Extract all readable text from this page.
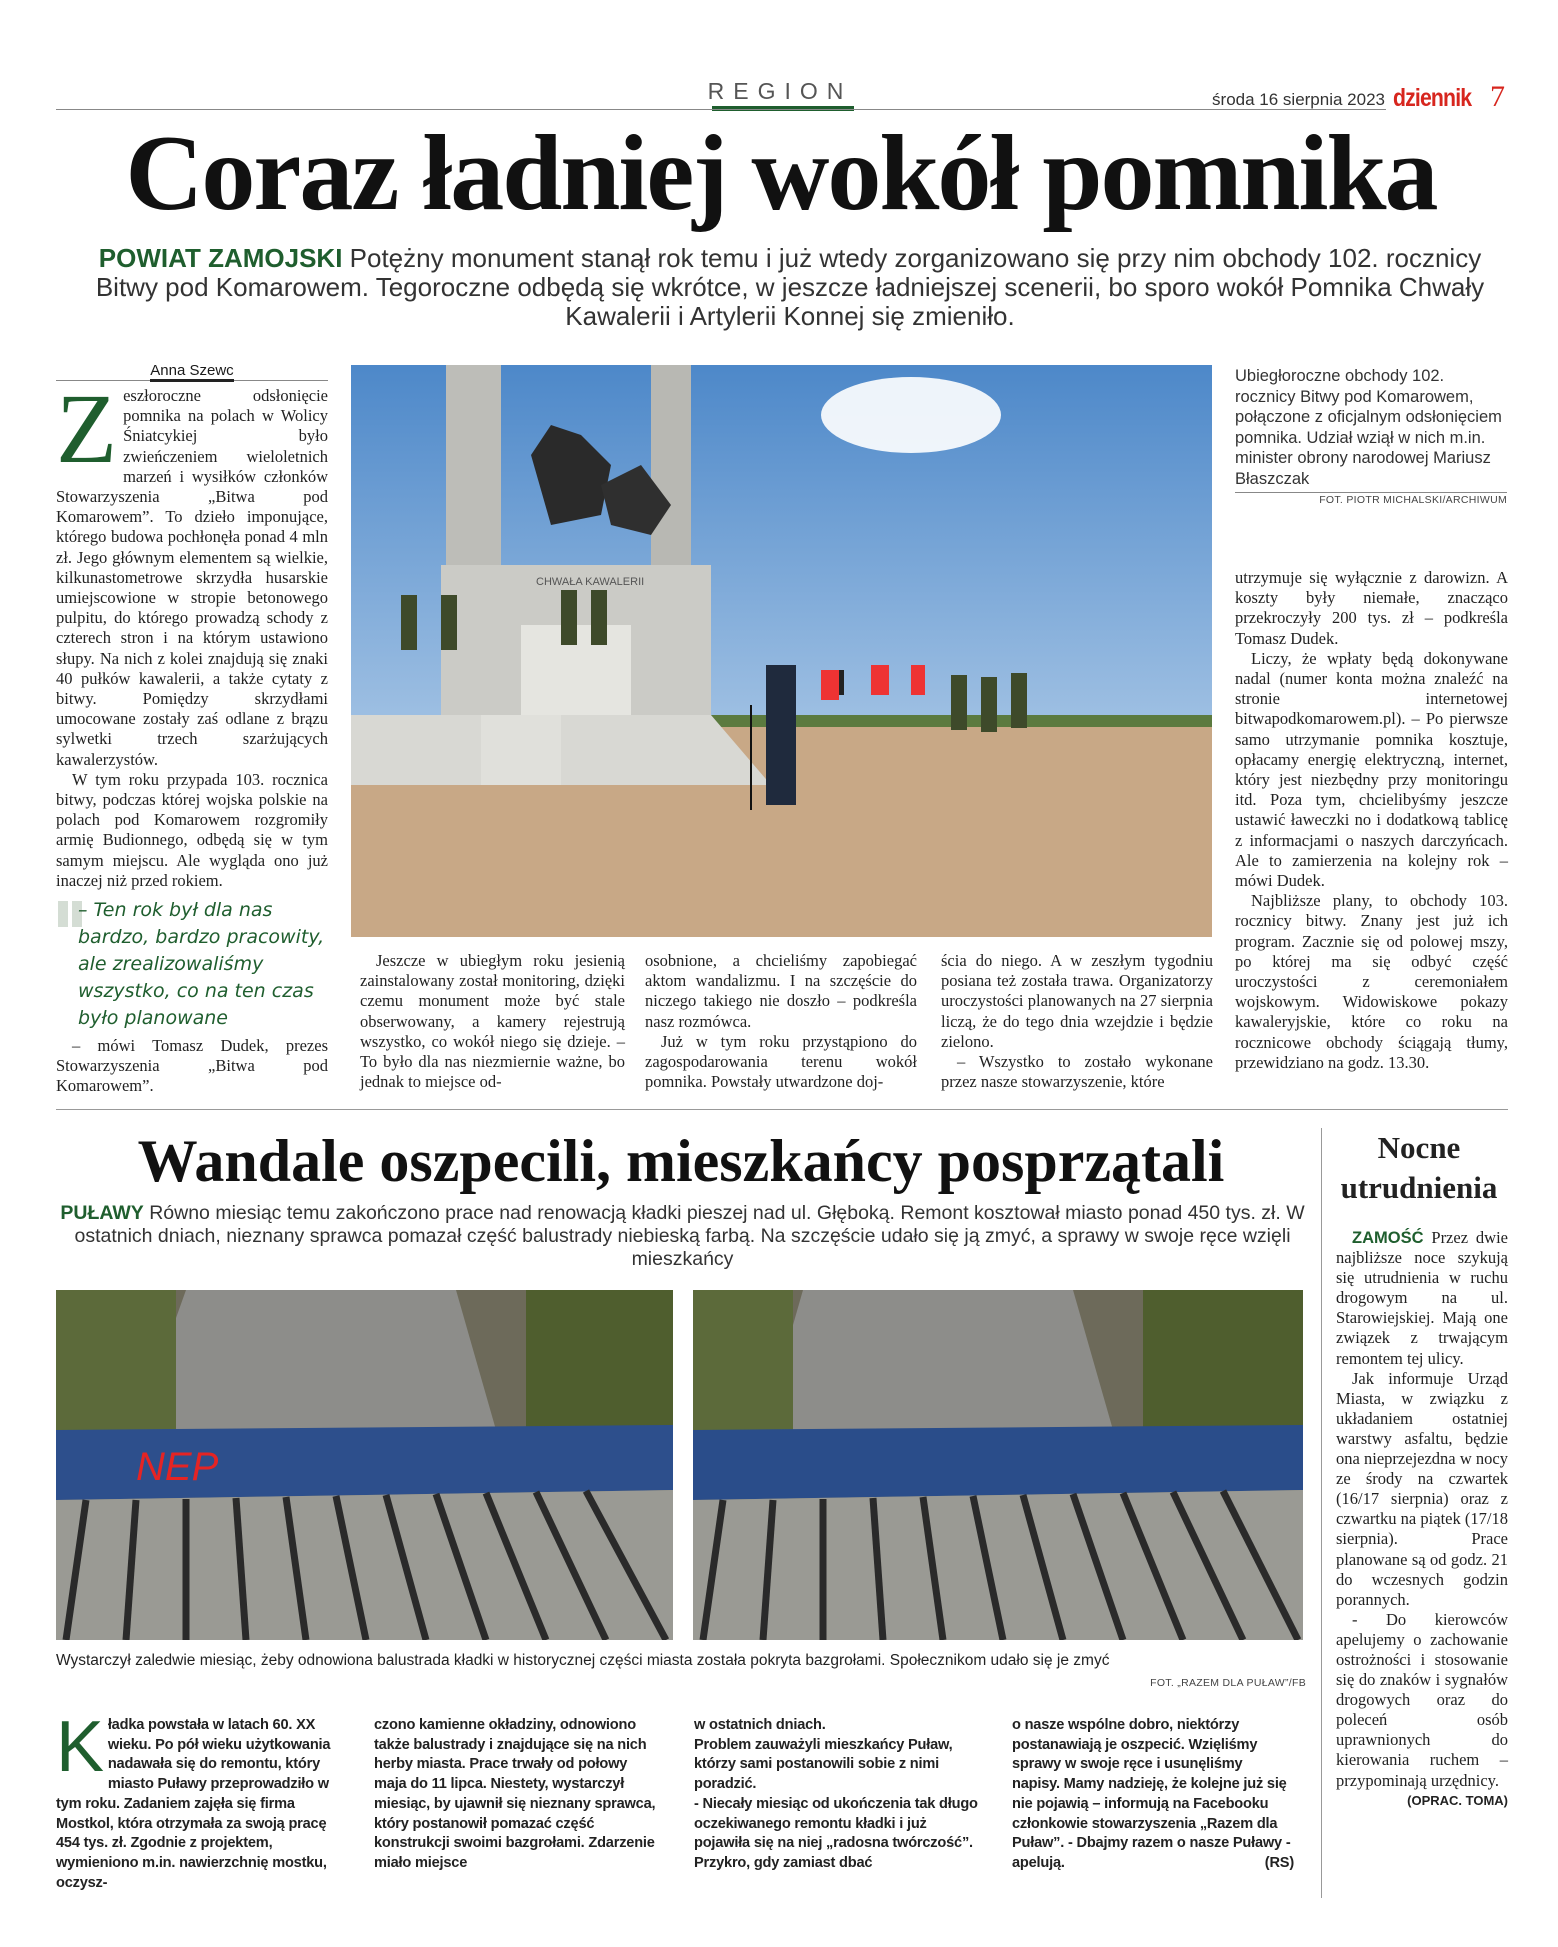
REGION	środa 16 sierpnia 2023 dziennik 7
Coraz ładniej wokół pomnika
POWIAT ZAMOJSKI Potężny monument stanął rok temu i już wtedy zorganizowano się przy nim obchody 102. rocznicy Bitwy pod Komarowem. Tegoroczne odbędą się wkrótce, w jeszcze ładniejszej scenerii, bo sporo wokół Pomnika Chwały Kawalerii i Artylerii Konnej się zmieniło.
Anna Szewc
Z eszłoroczne odsłonięcie pomnika na polach w Wolicy Śniatcykiej było zwieńczeniem wieloletnich marzeń i wysiłków członków Stowarzyszenia „Bitwa pod Komarowem”. To dzieło imponujące, którego budowa pochłonęła ponad 4 mln zł. Jego głównym elementem są wielkie, kilkunastometrowe skrzydła husarskie umiejscowione w stropie betonowego pulpitu, do którego prowadzą schody z czterech stron i na którym ustawiono słupy. Na nich z kolei znajdują się znaki 40 pułków kawalerii, a także cytaty z bitwy. Pomiędzy skrzydłami umocowane zostały zaś odlane z brązu sylwetki trzech szarżujących kawalerzystów.

W tym roku przypada 103. rocznica bitwy, podczas której wojska polskie na polach pod Komarowem rozgromiły armię Budionnego, odbędą się w tym samym miejscu. Ale wygląda ono już inaczej niż przed rokiem.

– Ten rok był dla nas bardzo, bardzo pracowity, ale zrealizowaliśmy wszystko, co na ten czas było planowane

– mówi Tomasz Dudek, prezes Stowarzyszenia „Bitwa pod Komarowem”.

CHWAŁA KAWALERII
Ubiegłoroczne obchody 102. rocznicy Bitwy pod Komarowem, połączone z oficjalnym odsłonięciem pomnika. Udział wziął w nich m.in. minister obrony narodowej Mariusz Błaszczak
FOT. PIOTR MICHALSKI/ARCHIWUM

Jeszcze w ubiegłym roku jesienią zainstalowany został monitoring, dzięki czemu monument może być stale obserwowany, a kamery rejestrują wszystko, co wokół niego się dzieje. – To było dla nas niezmiernie ważne, bo jednak to miejsce od-

osobnione, a chcieliśmy zapobiegać aktom wandalizmu. I na szczęście do niczego takiego nie doszło – podkreśla nasz rozmówca.

Już w tym roku przystąpiono do zagospodarowania terenu wokół pomnika. Powstały utwardzone doj-

ścia do niego. A w zeszłym tygodniu posiana też została trawa. Organizatorzy uroczystości planowanych na 27 sierpnia liczą, że do tego dnia wzejdzie i będzie zielono.

– Wszystko to zostało wykonane przez nasze stowarzyszenie, które

utrzymuje się wyłącznie z darowizn. A koszty były niemałe, znacząco przekroczyły 200 tys. zł – podkreśla Tomasz Dudek.

Liczy, że wpłaty będą dokonywane nadal (numer konta można znaleźć na stronie internetowej bitwapodkomarowem.pl). – Po pierwsze samo utrzymanie pomnika kosztuje, opłacamy energię elektryczną, internet, który jest niezbędny przy monitoringu itd. Poza tym, chcielibyśmy jeszcze ustawić ławeczki no i dodatkową tablicę z informacjami o naszych darczyńcach. Ale to zamierzenia na kolejny rok – mówi Dudek.

Najbliższe plany, to obchody 103. rocznicy bitwy. Znany jest już ich program. Zacznie się od polowej mszy, po której ma się odbyć część uroczystości z ceremoniałem wojskowym. Widowiskowe pokazy kawaleryjskie, które co roku na rocznicowe obchody ściągają tłumy, przewidziano na godz. 13.30.

Wandale oszpecili, mieszkańcy posprzątali
PUŁAWY Równo miesiąc temu zakończono prace nad renowacją kładki pieszej nad ul. Głęboką. Remont kosztował miasto ponad 450 tys. zł. W ostatnich dniach, nieznany sprawca pomazał część balustrady niebieską farbą. Na szczęście udało się ją zmyć, a sprawy w swoje ręce wzięli mieszkańcy
NEP
Wystarczył zaledwie miesiąc, żeby odnowiona balustrada kładki w historycznej części miasta została pokryta bazgrołami. Społecznikom udało się je zmyć
FOT. „RAZEM DLA PUŁAW”/FB
Kładka powstała w latach 60. XX wieku. Po pół wieku użytkowania nadawała się do remontu, który miasto Puławy przeprowadziło w tym roku. Zadaniem zajęła się firma Mostkol, która otrzymała za swoją pracę 454 tys. zł. Zgodnie z projektem, wymieniono m.in. nawierzchnię mostku, oczysz-
czono kamienne okładziny, odnowiono także balustrady i znajdujące się na nich herby miasta. Prace trwały od połowy maja do 11 lipca. Niestety, wystarczył miesiąc, by ujawnił się nieznany sprawca, który postanowił pomazać część konstrukcji swoimi bazgrołami. Zdarzenie miało miejsce
w ostatnich dniach.
Problem zauważyli mieszkańcy Puław, którzy sami postanowili sobie z nimi poradzić.
- Niecały miesiąc od ukończenia tak długo oczekiwanego remontu kładki i już pojawiła się na niej „radosna twórczość”. Przykro, gdy zamiast dbać
o nasze wspólne dobro, niektórzy postanawiają je oszpecić. Wzięliśmy sprawy w swoje ręce i usunęliśmy napisy. Mamy nadzieję, że kolejne już się nie pojawią – informują na Facebooku członkowie stowarzyszenia „Razem dla Puław”. - Dbajmy razem o nasze Puławy - apelują.	(RS)
Nocne utrudnienia

ZAMOŚĆ Przez dwie najbliższe noce szykują się utrudnienia w ruchu drogowym na ul. Starowiejskiej. Mają one związek z trwającym remontem tej ulicy.

Jak informuje Urząd Miasta, w związku z układaniem ostatniej warstwy asfaltu, będzie ona nieprzejezdna w nocy ze środy na czwartek (16/17 sierpnia) oraz z czwartku na piątek (17/18 sierpnia). Prace planowane są od godz. 21 do wczesnych godzin porannych.

- Do kierowców apelujemy o zachowanie ostrożności i stosowanie się do znaków i sygnałów drogowych oraz do poleceń osób uprawnionych do kierowania ruchem – przypominają urzędnicy.

(OPRAC. TOMA)
